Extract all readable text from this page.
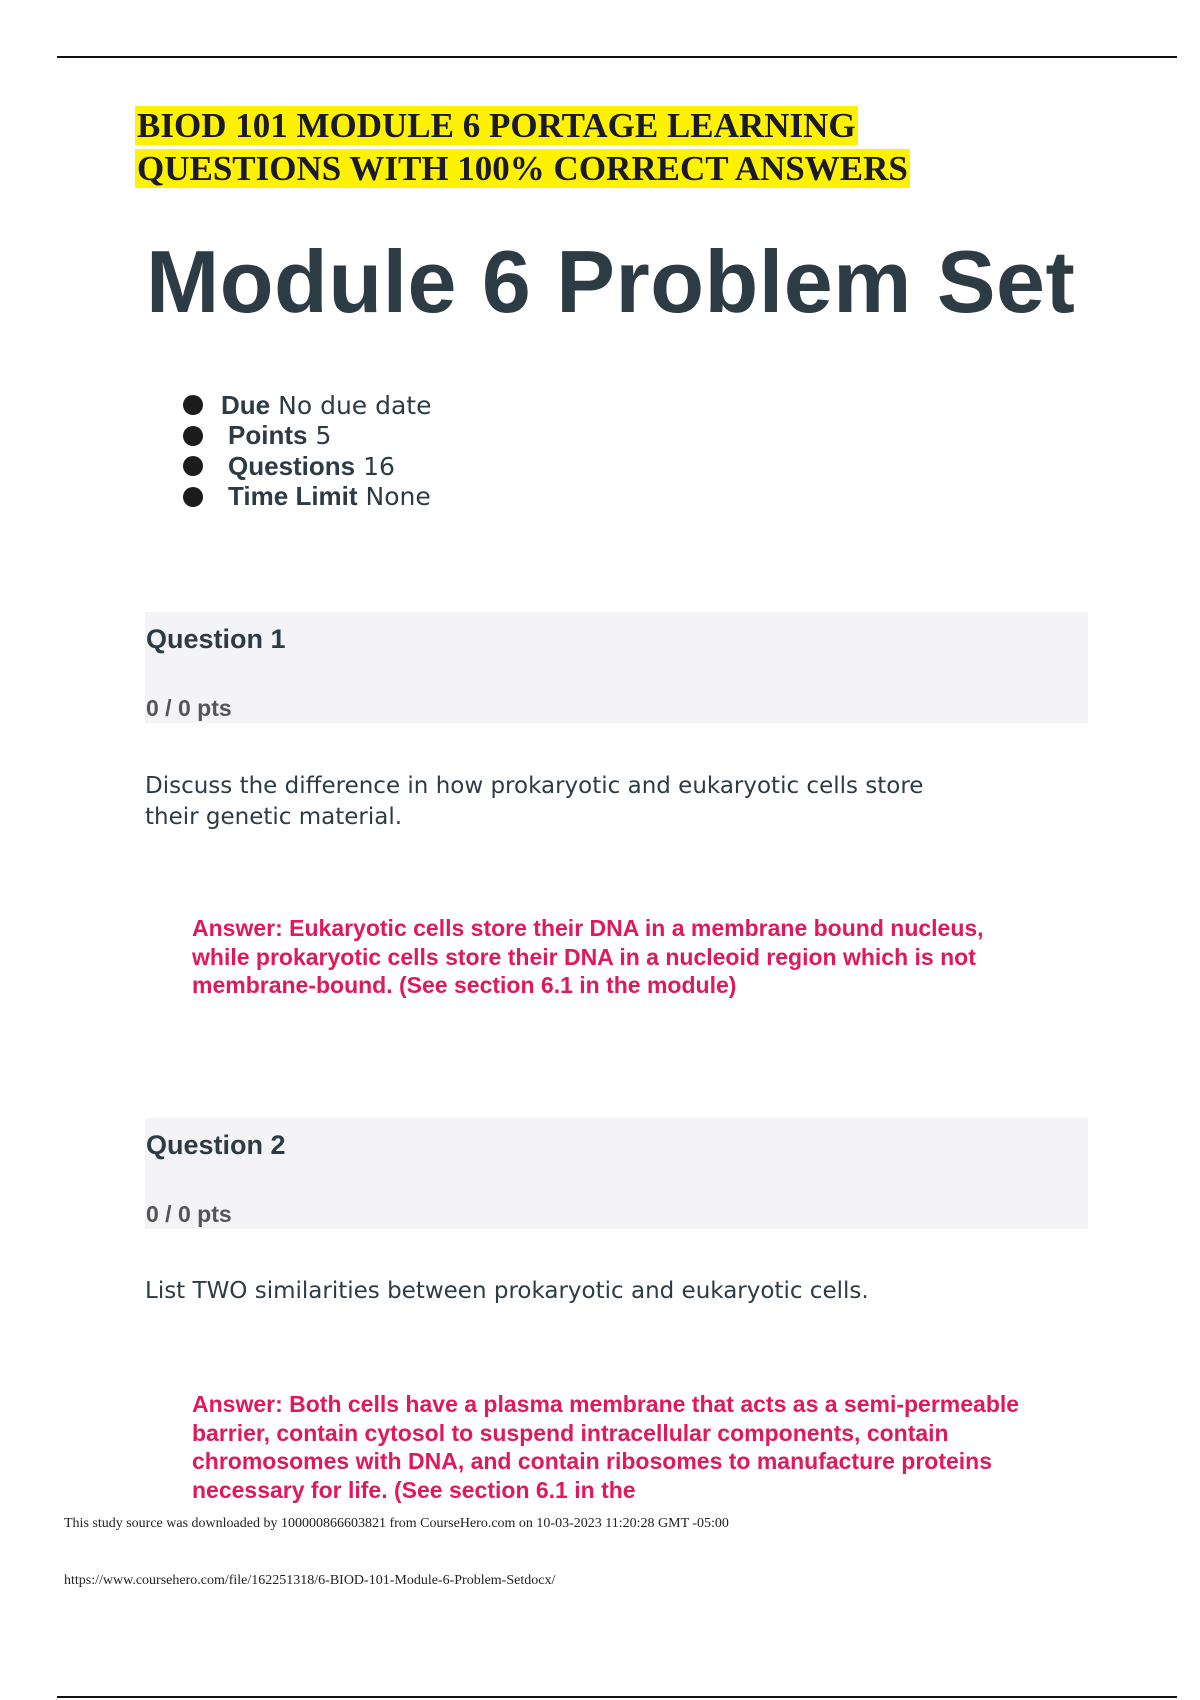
BIOD 101 MODULE 6 PORTAGE LEARNING
QUESTIONS WITH 100% CORRECT ANSWERS
Module 6 Problem Set
Due No due date
Points 5
Questions 16
Time Limit None
Question 1
0 / 0 pts
Discuss the difference in how prokaryotic and eukaryotic cells store their genetic material.
Answer: Eukaryotic cells store their DNA in a membrane bound nucleus, while prokaryotic cells store their DNA in a nucleoid region which is not membrane-bound. (See section 6.1 in the module)
Question 2
0 / 0 pts
List TWO similarities between prokaryotic and eukaryotic cells.
Answer: Both cells have a plasma membrane that acts as a semi-permeable barrier, contain cytosol to suspend intracellular components, contain chromosomes with DNA, and contain ribosomes to manufacture proteins necessary for life. (See section 6.1 in the
This study source was downloaded by 100000866603821 from CourseHero.com on 10-03-2023 11:20:28 GMT -05:00
https://www.coursehero.com/file/162251318/6-BIOD-101-Module-6-Problem-Setdocx/
